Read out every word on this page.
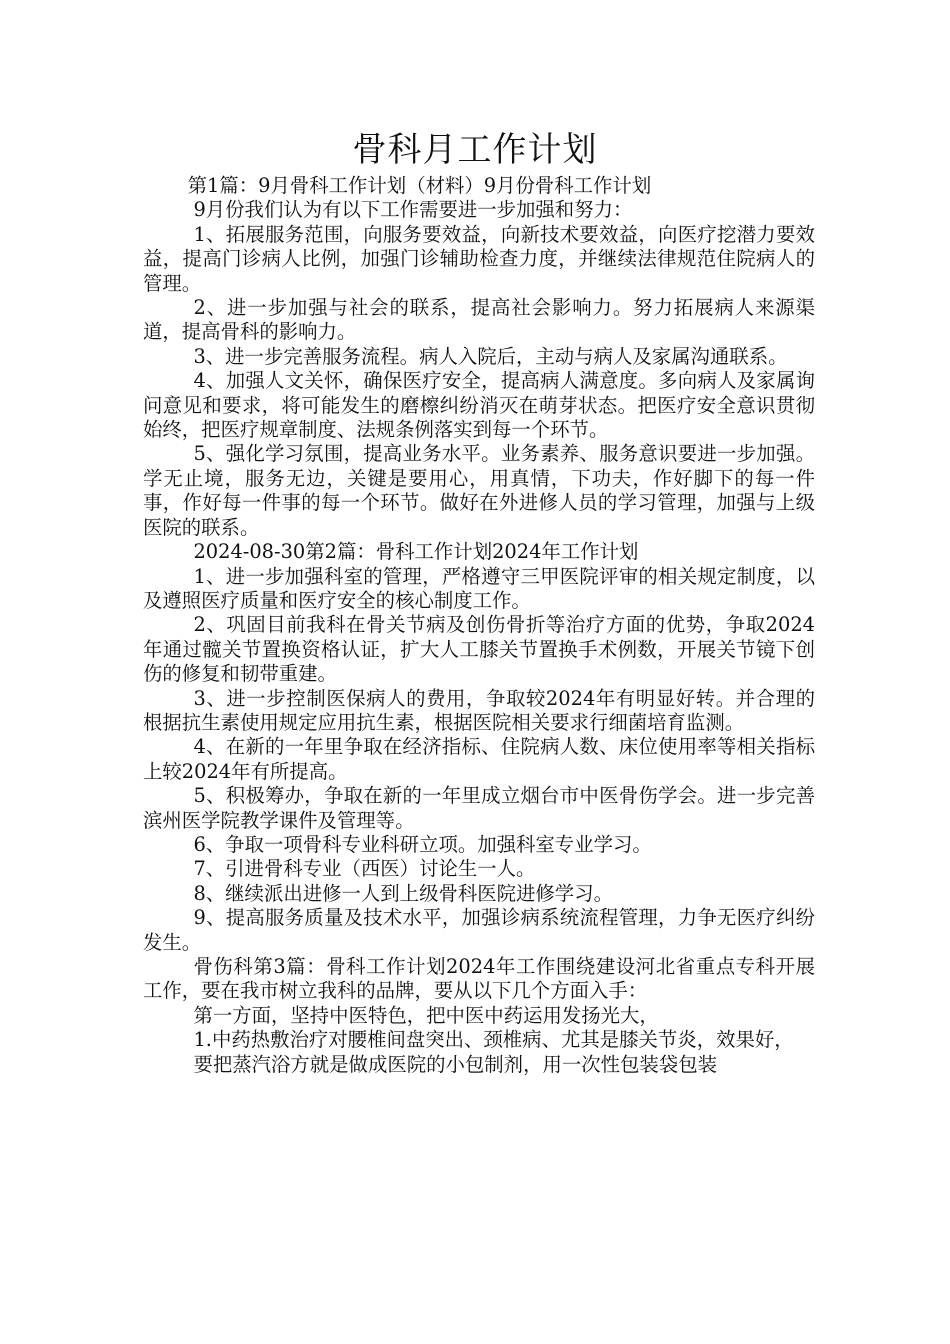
骨科月工作计划

第1篇：9月骨科工作计划（材料）9月份骨科工作计划

9月份我们认为有以下工作需要进一步加强和努力：

1、拓展服务范围，向服务要效益，向新技术要效益，向医疗挖潜力要效益，提高门诊病人比例，加强门诊辅助检查力度，并继续法律规范住院病人的管理。

2、进一步加强与社会的联系，提高社会影响力。努力拓展病人来源渠道，提高骨科的影响力。

3、进一步完善服务流程。病人入院后，主动与病人及家属沟通联系。

4、加强人文关怀，确保医疗安全，提高病人满意度。多向病人及家属询问意见和要求，将可能发生的磨檫纠纷消灭在萌芽状态。把医疗安全意识贯彻始终，把医疗规章制度、法规条例落实到每一个环节。

5、强化学习氛围，提高业务水平。业务素养、服务意识要进一步加强。学无止境，服务无边，关键是要用心，用真情，下功夫，作好脚下的每一件事，作好每一件事的每一个环节。做好在外进修人员的学习管理，加强与上级医院的联系。

2024-08-30第2篇：骨科工作计划2024年工作计划

1、进一步加强科室的管理，严格遵守三甲医院评审的相关规定制度，以及遵照医疗质量和医疗安全的核心制度工作。

2、巩固目前我科在骨关节病及创伤骨折等治疗方面的优势，争取2024年通过髋关节置换资格认证，扩大人工膝关节置换手术例数，开展关节镜下创伤的修复和韧带重建。

3、进一步控制医保病人的费用，争取较2024年有明显好转。并合理的根据抗生素使用规定应用抗生素，根据医院相关要求行细菌培育监测。

4、在新的一年里争取在经济指标、住院病人数、床位使用率等相关指标上较2024年有所提高。

5、积极筹办，争取在新的一年里成立烟台市中医骨伤学会。进一步完善滨州医学院教学课件及管理等。

6、争取一项骨科专业科研立项。加强科室专业学习。

7、引进骨科专业（西医）讨论生一人。

8、继续派出进修一人到上级骨科医院进修学习。

9、提高服务质量及技术水平，加强诊病系统流程管理，力争无医疗纠纷发生。

骨伤科第3篇：骨科工作计划2024年工作围绕建设河北省重点专科开展工作，要在我市树立我科的品牌，要从以下几个方面入手：

第一方面，坚持中医特色，把中医中药运用发扬光大，

1.中药热敷治疗对腰椎间盘突出、颈椎病、尤其是膝关节炎，效果好，

要把蒸汽浴方就是做成医院的小包制剂，用一次性包装袋包装
